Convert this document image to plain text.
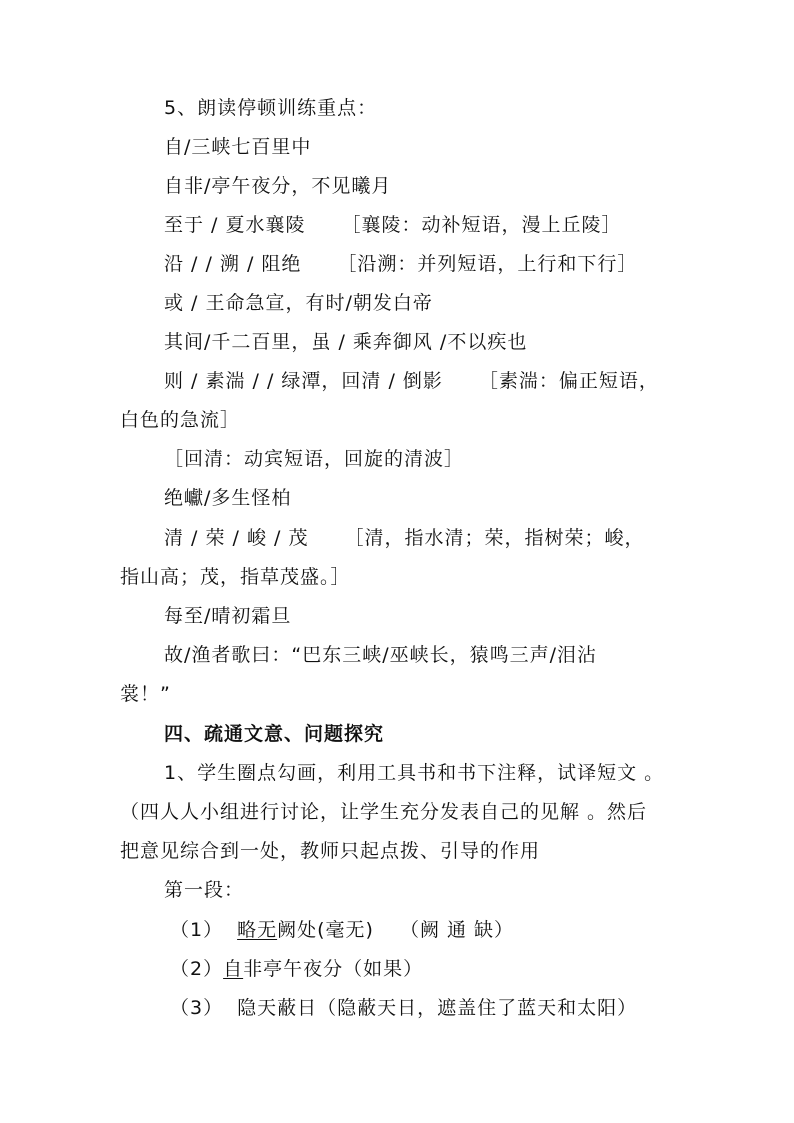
5、朗读停顿训练重点：
自/三峡七百里中
自非/亭午夜分，不见曦月
至于 / 夏水襄陵 ［襄陵：动补短语，漫上丘陵］
沿 / / 溯 / 阻绝 ［沿溯：并列短语，上行和下行］
或 / 王命急宣，有时/朝发白帝
其间/千二百里，虽 / 乘奔御风 /不以疾也
则 / 素湍 / / 绿潭，回清 / 倒影 ［素湍：偏正短语，
白色的急流］
［回清：动宾短语，回旋的清波］
绝巘/多生怪柏
清 / 荣 / 峻 / 茂 ［清，指水清；荣，指树荣；峻，
指山高；茂，指草茂盛。］
每至/晴初霜旦
故/渔者歌曰：“巴东三峡/巫峡长，猿鸣三声/泪沾
裳！”
四、疏通文意、问题探究
1、学生圈点勾画，利用工具书和书下注释，试译短文 。
（四人人小组进行讨论，让学生充分发表自己的见解 。然后
把意见综合到一处，教师只起点拨、引导的作用
第一段：
（1） 略无阙处(毫无) （阙 通 缺）
（2）自非亭午夜分（如果）
（3） 隐天蔽日（隐蔽天日，遮盖住了蓝天和太阳）
